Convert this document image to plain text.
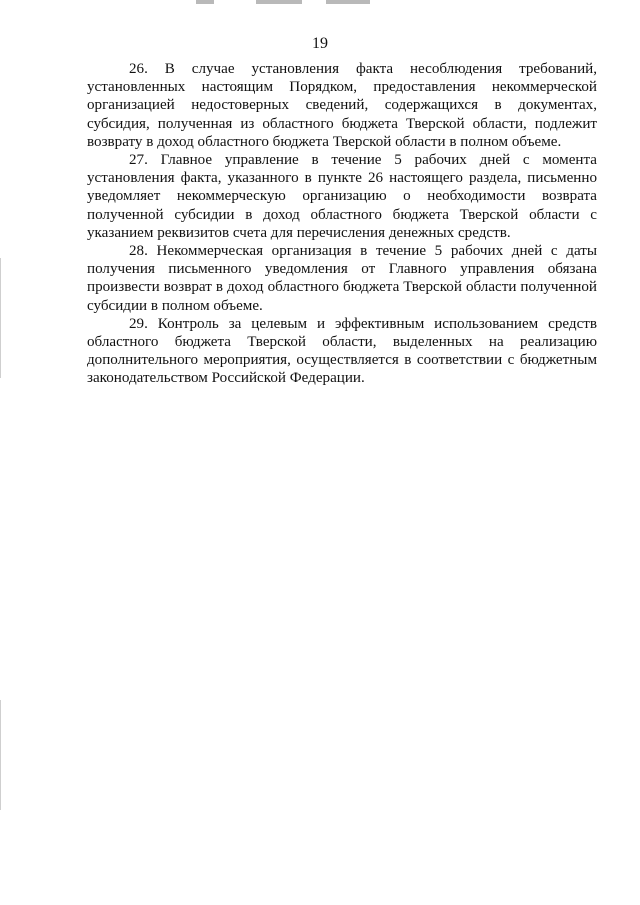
19

26. В случае установления факта несоблюдения требований, установленных настоящим Порядком, предоставления некоммерческой организацией недостоверных сведений, содержащихся в документах, субсидия, полученная из областного бюджета Тверской области, подлежит возврату в доход областного бюджета Тверской области в полном объеме.

27. Главное управление в течение 5 рабочих дней с момента установления факта, указанного в пункте 26 настоящего раздела, письменно уведомляет некоммерческую организацию о необходимости возврата полученной субсидии в доход областного бюджета Тверской области с указанием реквизитов счета для перечисления денежных средств.

28. Некоммерческая организация в течение 5 рабочих дней с даты получения письменного уведомления от Главного управления обязана произвести возврат в доход областного бюджета Тверской области полученной субсидии в полном объеме.

29. Контроль за целевым и эффективным использованием средств областного бюджета Тверской области, выделенных на реализацию дополнительного мероприятия, осуществляется в соответствии с бюджетным законодательством Российской Федерации.
